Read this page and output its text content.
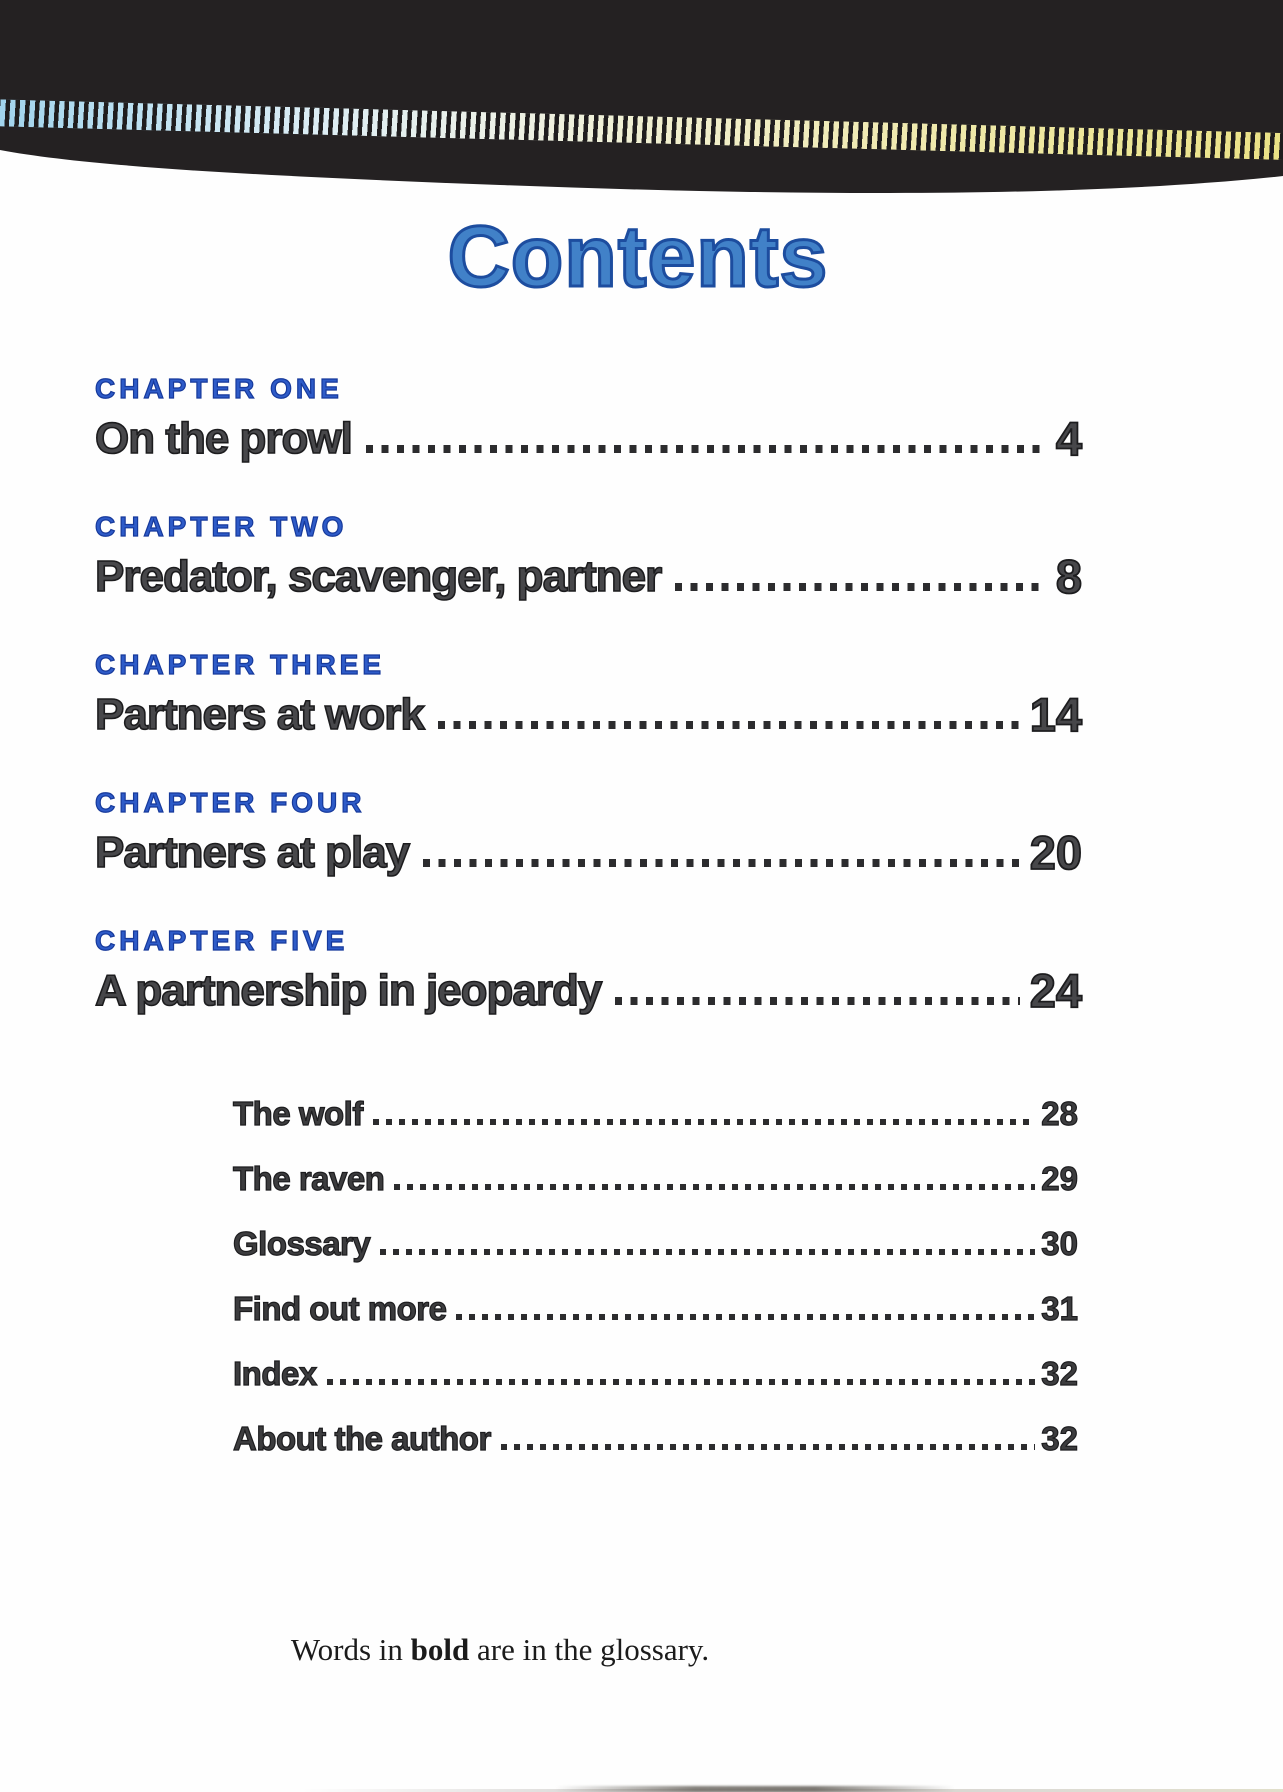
Contents
CHAPTER ONE
On the prowl	4
CHAPTER TWO
Predator, scavenger, partner	8
CHAPTER THREE
Partners at work	14
CHAPTER FOUR
Partners at play	20
CHAPTER FIVE
A partnership in jeopardy	24
The wolf	28
The raven	29
Glossary	30
Find out more	31
Index	32
About the author	32
Words in bold are in the glossary.
